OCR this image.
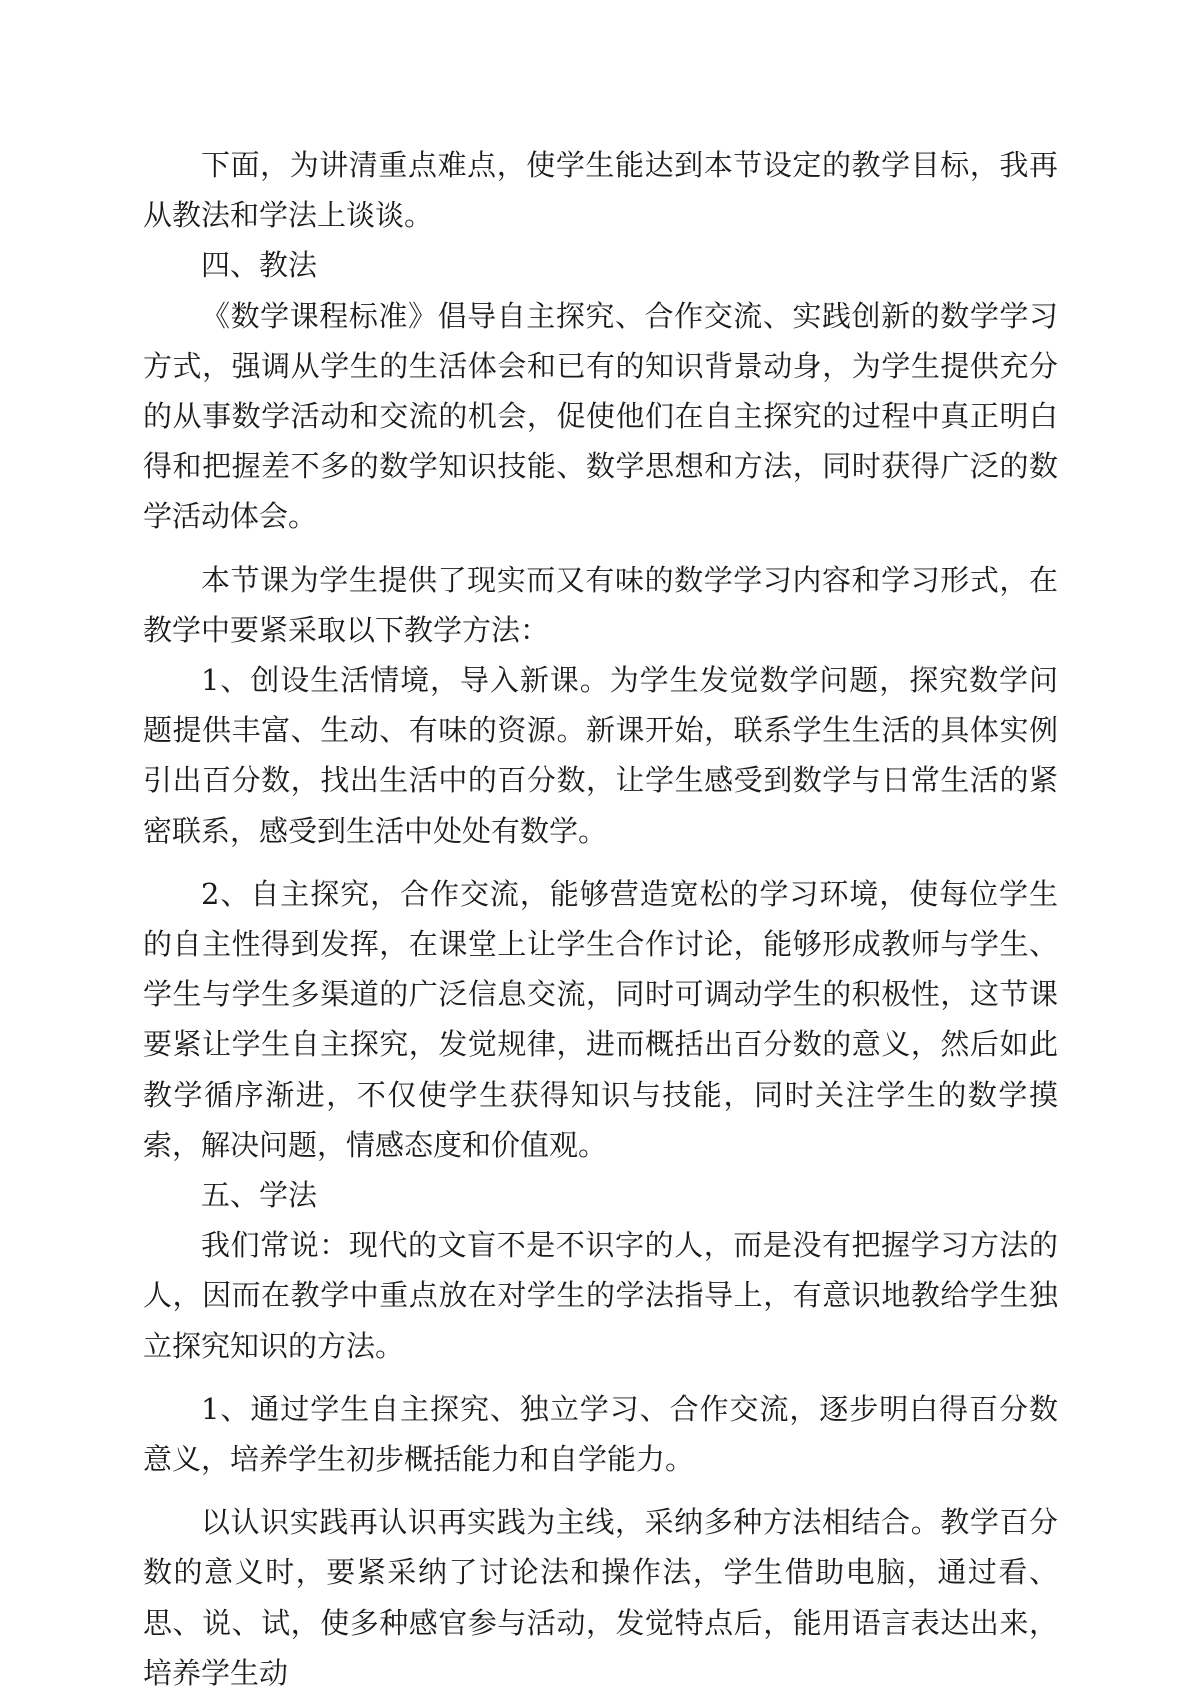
下面，为讲清重点难点，使学生能达到本节设定的教学目标，我再从教法和学法上谈谈。

四、教法

《数学课程标准》倡导自主探究、合作交流、实践创新的数学学习方式，强调从学生的生活体会和已有的知识背景动身，为学生提供充分的从事数学活动和交流的机会，促使他们在自主探究的过程中真正明白得和把握差不多的数学知识技能、数学思想和方法，同时获得广泛的数学活动体会。

本节课为学生提供了现实而又有味的数学学习内容和学习形式，在教学中要紧采取以下教学方法：

1、创设生活情境，导入新课。为学生发觉数学问题，探究数学问题提供丰富、生动、有味的资源。新课开始，联系学生生活的具体实例引出百分数，找出生活中的百分数，让学生感受到数学与日常生活的紧密联系，感受到生活中处处有数学。

2、自主探究，合作交流，能够营造宽松的学习环境，使每位学生的自主性得到发挥，在课堂上让学生合作讨论，能够形成教师与学生、学生与学生多渠道的广泛信息交流，同时可调动学生的积极性，这节课要紧让学生自主探究，发觉规律，进而概括出百分数的意义，然后如此教学循序渐进，不仅使学生获得知识与技能，同时关注学生的数学摸索，解决问题，情感态度和价值观。

五、学法

我们常说：现代的文盲不是不识字的人，而是没有把握学习方法的人，因而在教学中重点放在对学生的学法指导上，有意识地教给学生独立探究知识的方法。

1、通过学生自主探究、独立学习、合作交流，逐步明白得百分数意义，培养学生初步概括能力和自学能力。

以认识实践再认识再实践为主线，采纳多种方法相结合。教学百分数的意义时，要紧采纳了讨论法和操作法，学生借助电脑，通过看、思、说、试，使多种感官参与活动，发觉特点后，能用语言表达出来，培养学生动
